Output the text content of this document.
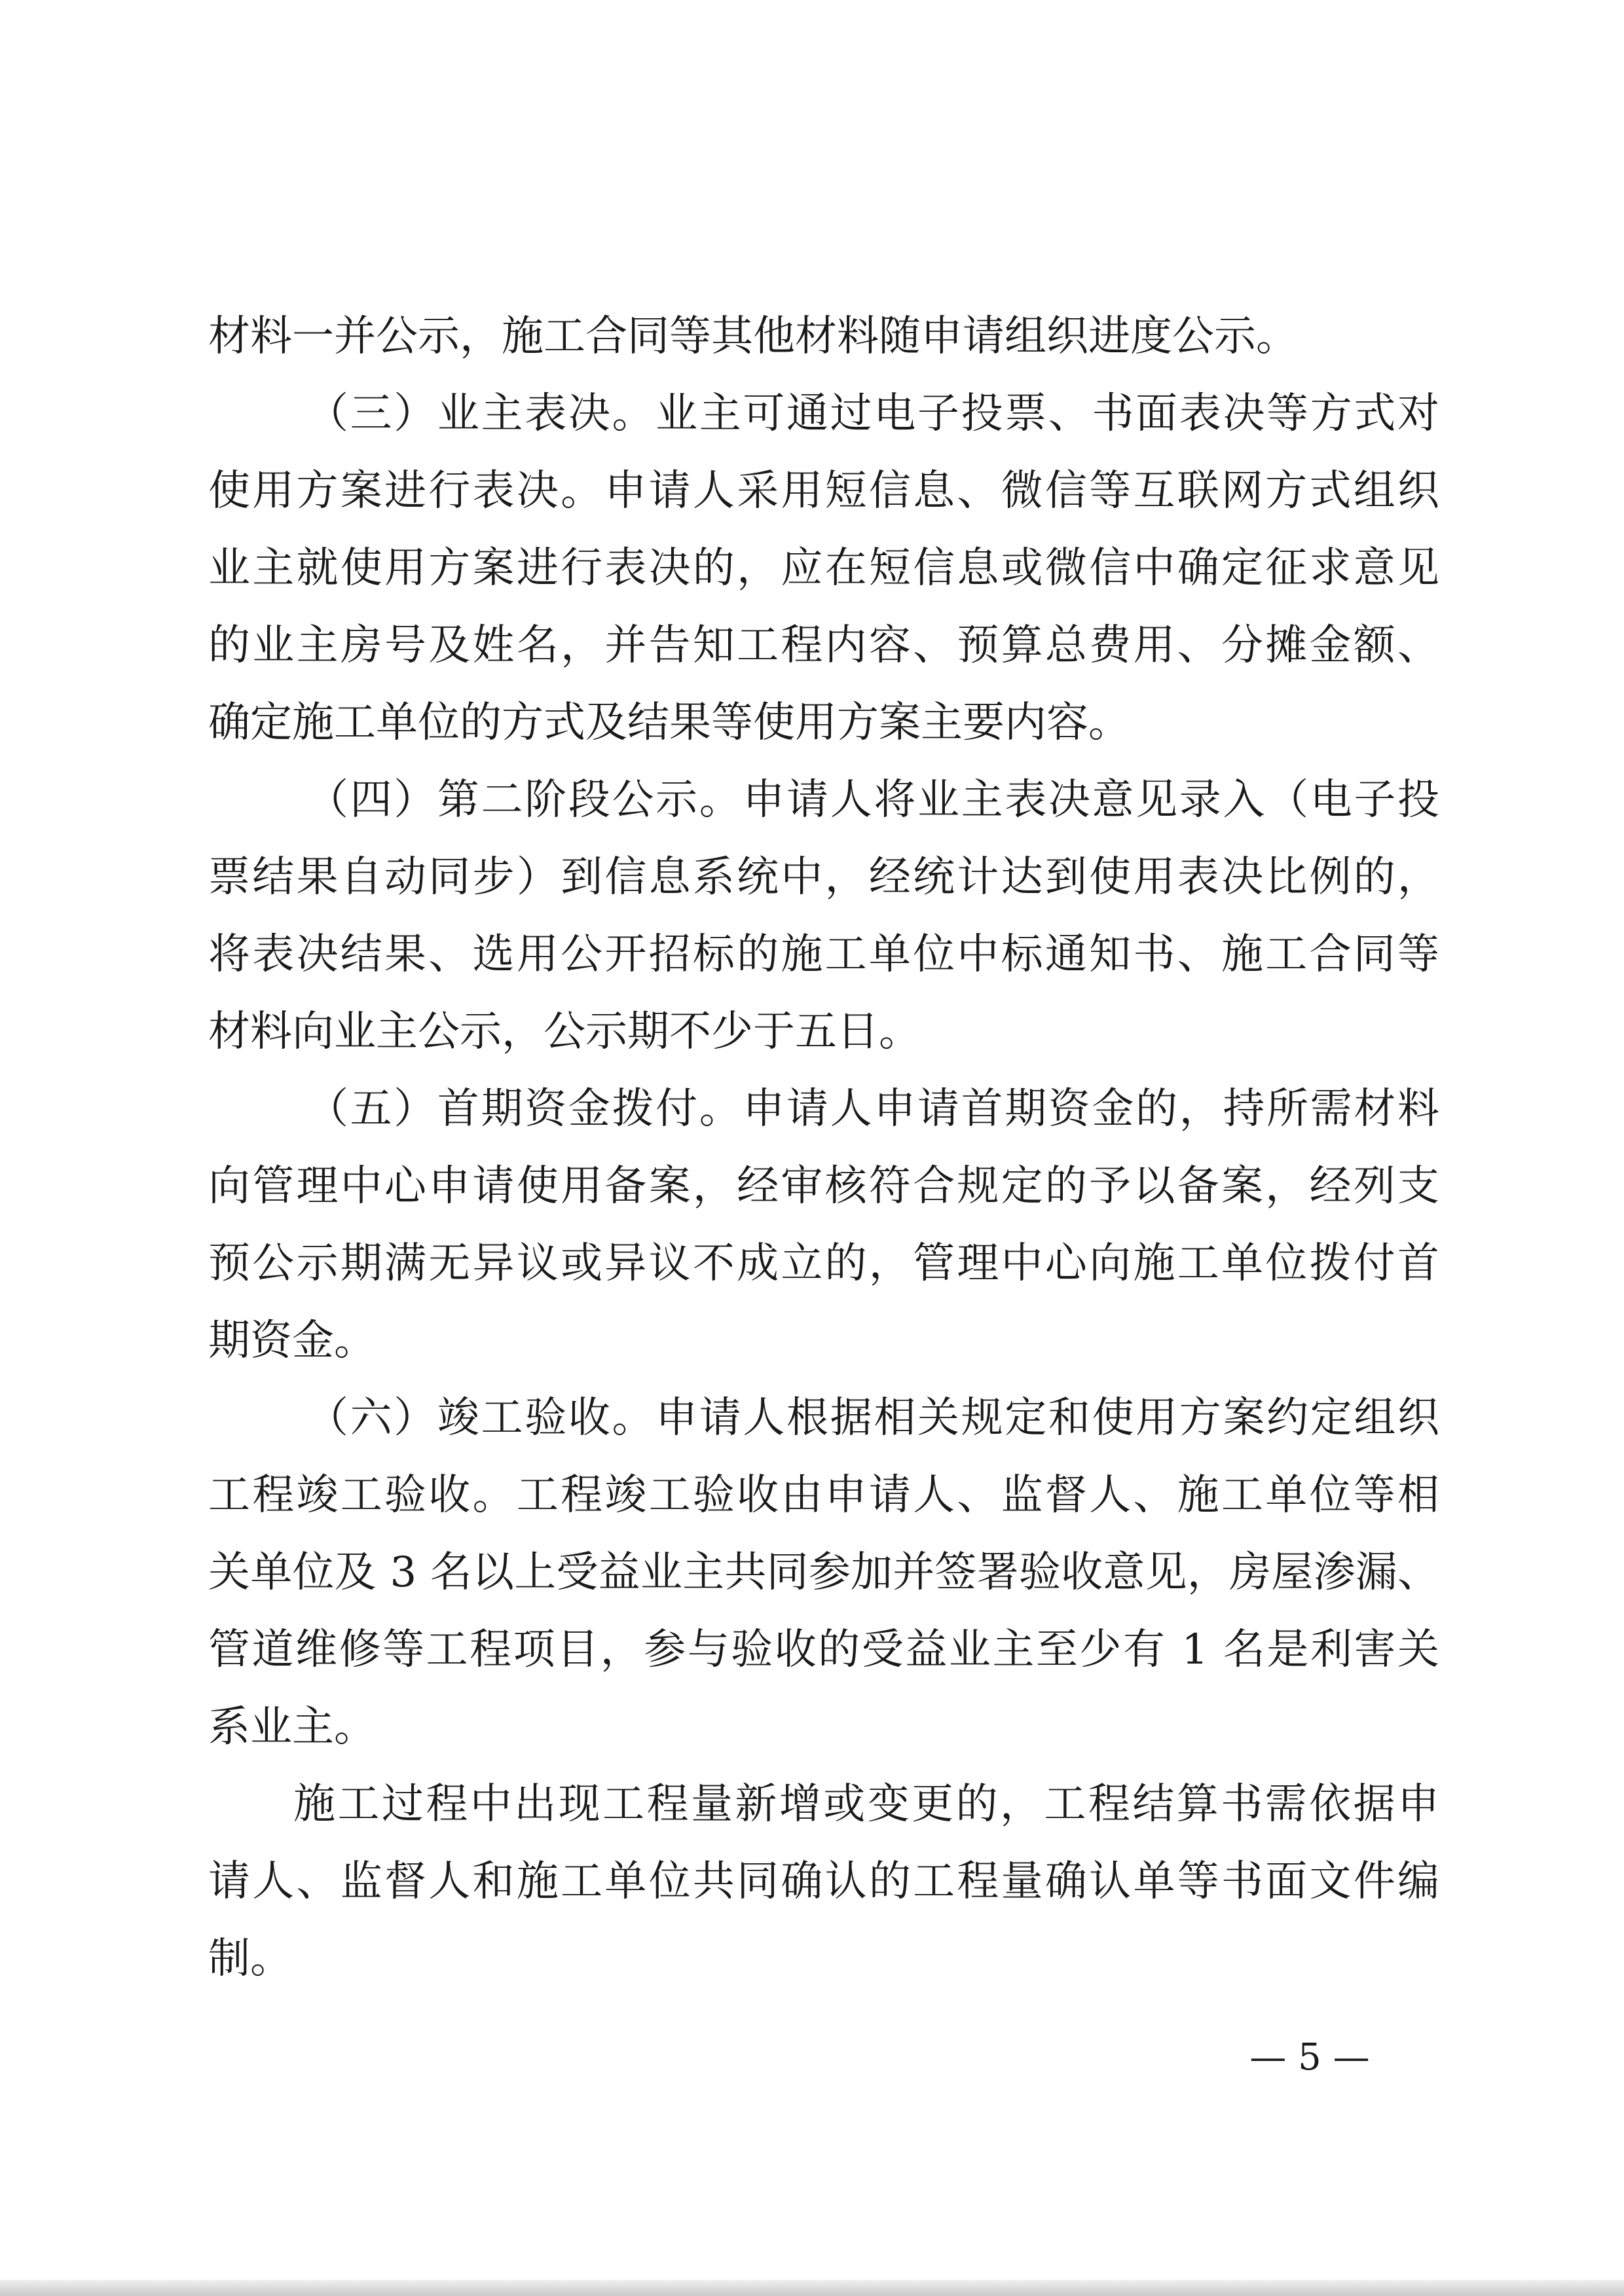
材料一并公示，施工合同等其他材料随申请组织进度公示。
（三）业主表决。业主可通过电子投票、书面表决等方式对
使用方案进行表决。申请人采用短信息、微信等互联网方式组织
业主就使用方案进行表决的，应在短信息或微信中确定征求意见
的业主房号及姓名，并告知工程内容、预算总费用、分摊金额、
确定施工单位的方式及结果等使用方案主要内容。
（四）第二阶段公示。申请人将业主表决意见录入（电子投
票结果自动同步）到信息系统中，经统计达到使用表决比例的，
将表决结果、选用公开招标的施工单位中标通知书、施工合同等
材料向业主公示，公示期不少于五日。
（五）首期资金拨付。申请人申请首期资金的，持所需材料
向管理中心申请使用备案，经审核符合规定的予以备案，经列支
预公示期满无异议或异议不成立的，管理中心向施工单位拨付首
期资金。
（六）竣工验收。申请人根据相关规定和使用方案约定组织
工程竣工验收。工程竣工验收由申请人、监督人、施工单位等相
关单位及 3 名以上受益业主共同参加并签署验收意见，房屋渗漏、
管道维修等工程项目，参与验收的受益业主至少有 1 名是利害关
系业主。
施工过程中出现工程量新增或变更的，工程结算书需依据申
请人、监督人和施工单位共同确认的工程量确认单等书面文件编
制。
— 5 —
